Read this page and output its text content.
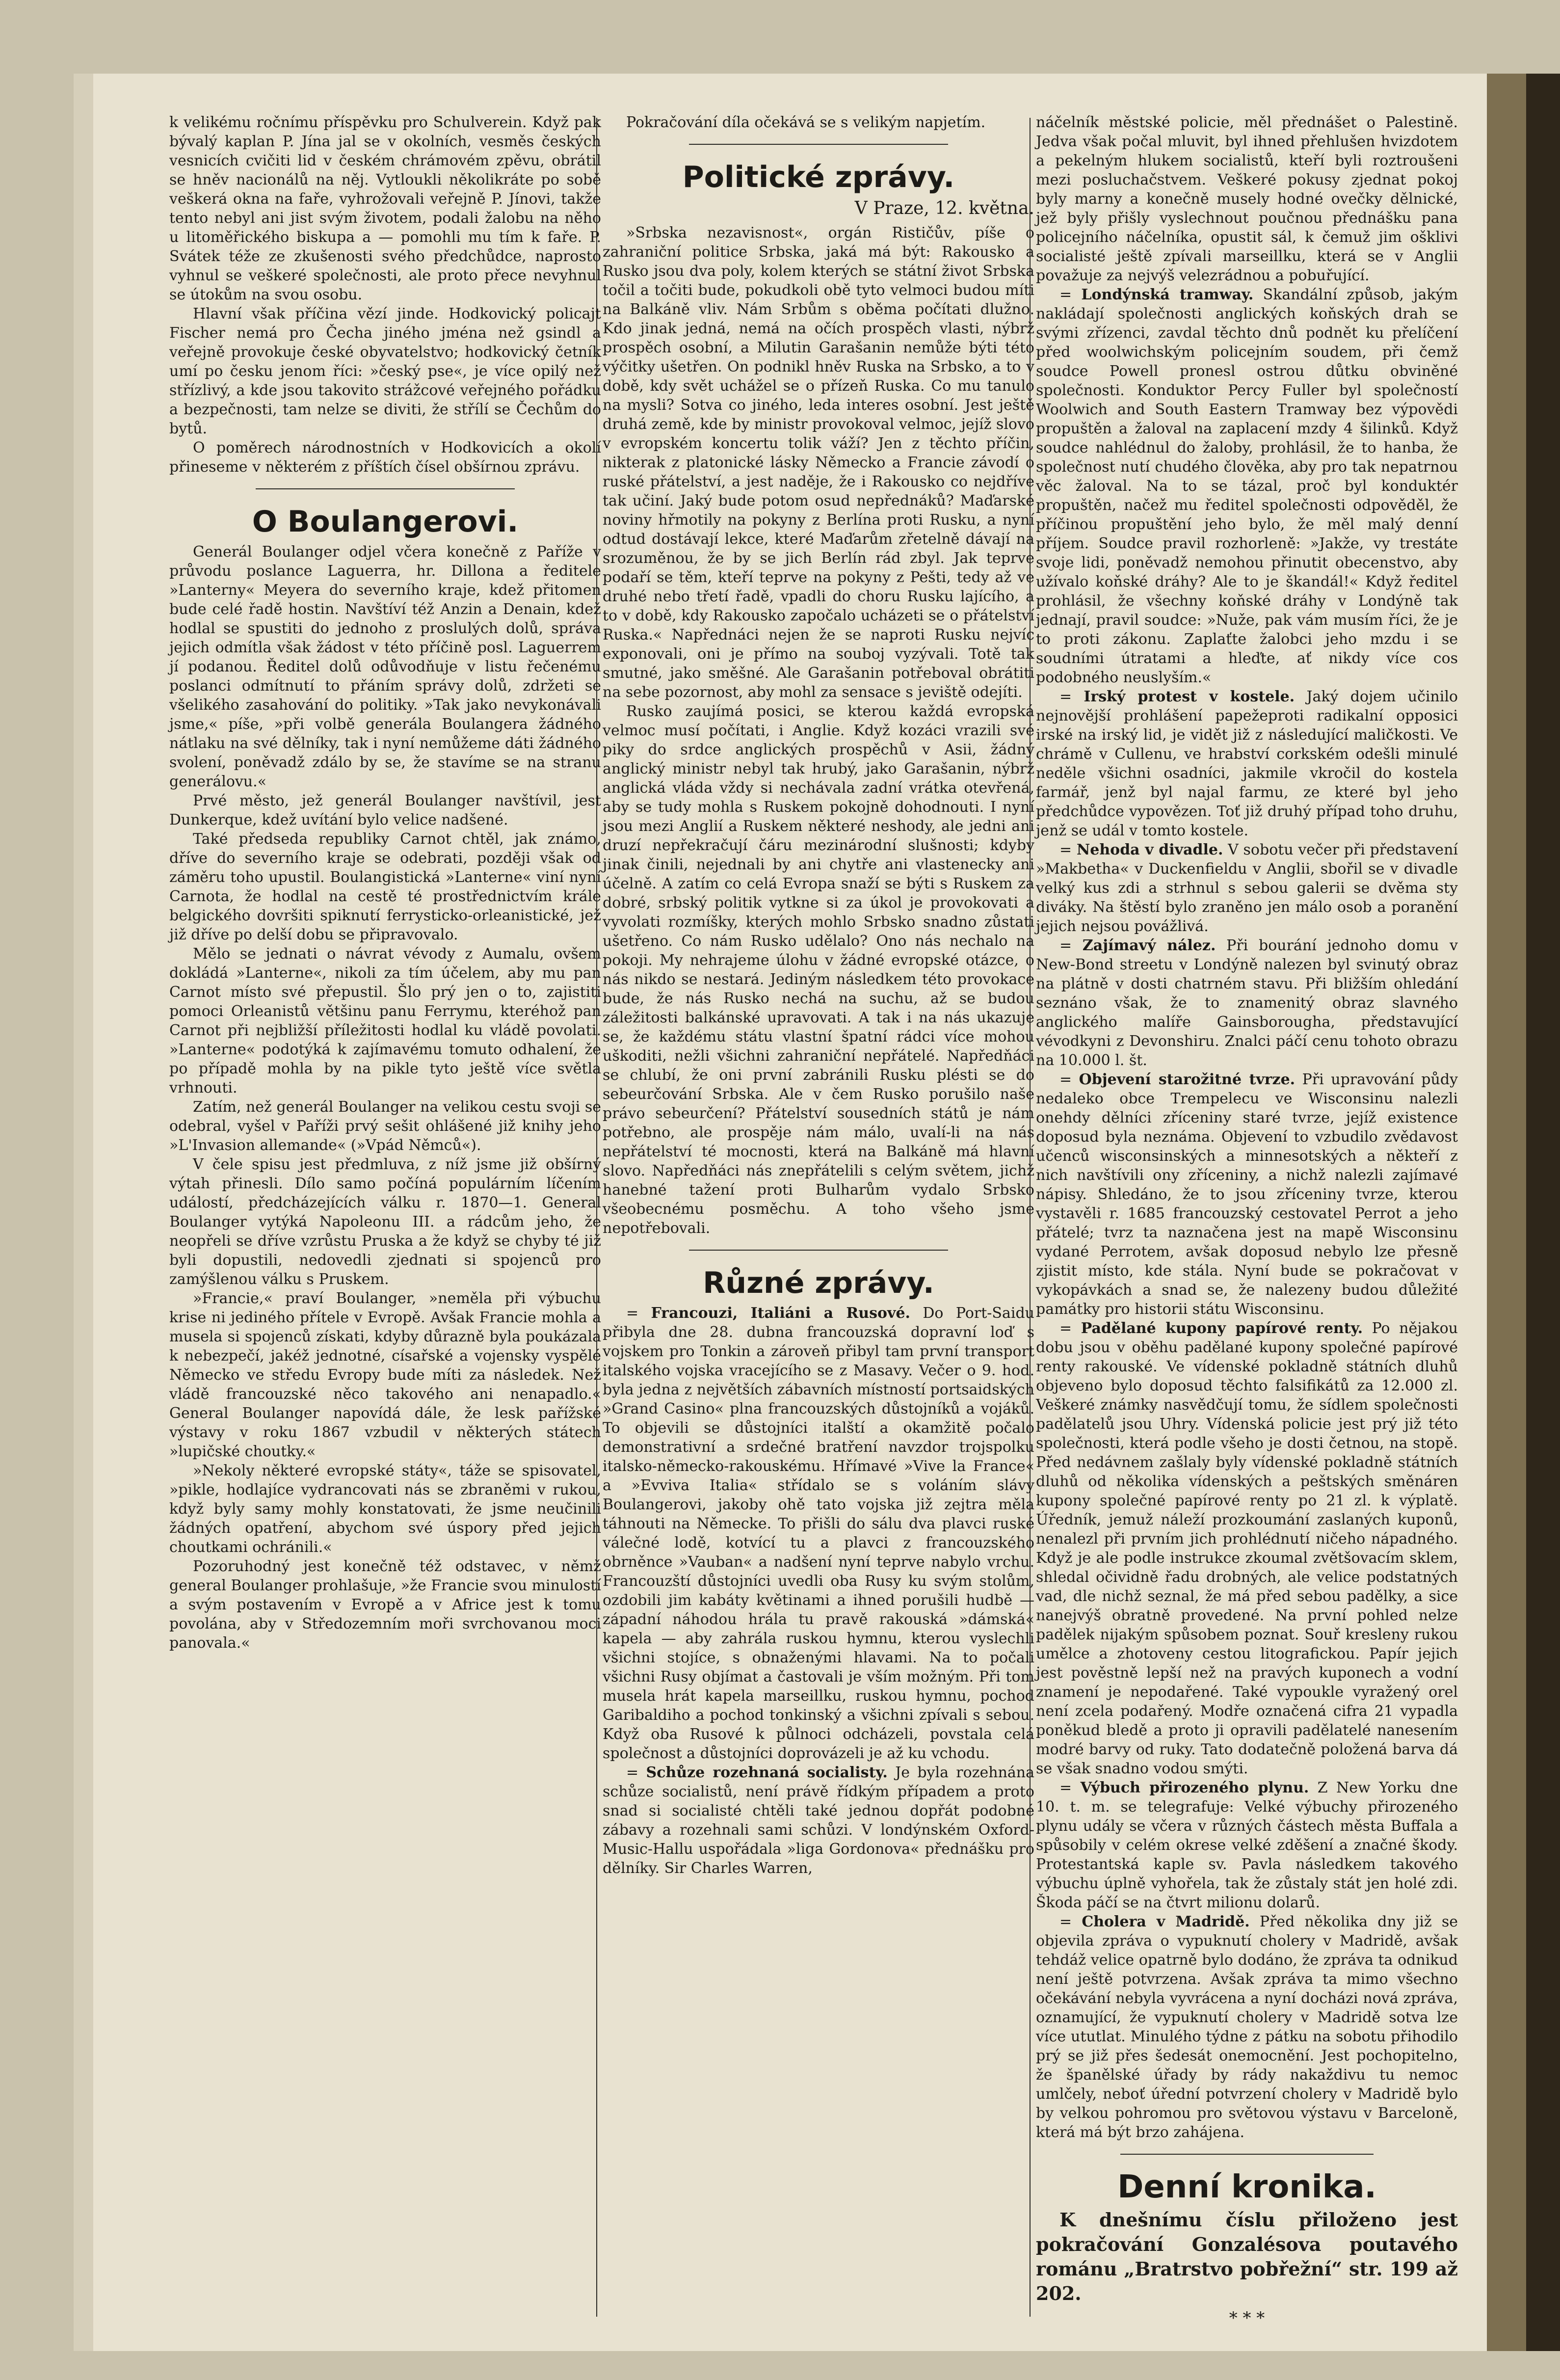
k velikému ročnímu příspěvku pro Schulverein. Když pak bývalý kaplan P. Jína jal se v okolních, vesměs českých vesnicích cvičiti lid v českém chrámovém zpěvu, obrátil se hněv nacionálů na něj. Vytloukli několikráte po sobě veškerá okna na faře, vyhrožovali veřejně P. Jínovi, takže tento nebyl ani jist svým životem, podali žalobu na něho u litoměřického biskupa a — pomohli mu tím k faře. P. Svátek téže ze zkušenosti svého předchůdce, naprosto vyhnul se veškeré společnosti, ale proto přece nevyhnul se útokům na svou osobu.

Hlavní však příčina vězí jinde. Hodkovický policajt Fischer nemá pro Čecha jiného jména než gsindl a veřejně provokuje české obyvatelstvo; hodkovický četník umí po česku jenom říci: »český pse«, je více opilý než střízlivý, a kde jsou takovito strážcové veřejného pořádku a bezpečnosti, tam nelze se diviti, že střílí se Čechům do bytů.

O poměrech národnostních v Hodkovicích a okolí přineseme v některém z příštích čísel obšírnou zprávu.

O Boulangerovi.

Generál Boulanger odjel včera konečně z Paříže v průvodu poslance Laguerra, hr. Dillona a ředitele »Lanterny« Meyera do severního kraje, kdež přitomen bude celé řadě hostin. Navštíví též Anzin a Denain, kdež hodlal se spustiti do jednoho z proslulých dolů, správa jejich odmítla však žádost v této příčině posl. Laguerrem jí podanou. Ředitel dolů odůvodňuje v listu řečenému poslanci odmítnutí to přáním správy dolů, zdržeti se všelikého zasahování do politiky. »Tak jako nevykonávali jsme,« píše, »při volbě generála Boulangera žádného nátlaku na své dělníky, tak i nyní nemůžeme dáti žádného svolení, poněvadž zdálo by se, že stavíme se na stranu generálovu.«

Prvé město, jež generál Boulanger navštívil, jest Dunkerque, kdež uvítání bylo velice nadšené.

Také předseda republiky Carnot chtěl, jak známo, dříve do severního kraje se odebrati, později však od záměru toho upustil. Boulangistická »Lanterne« viní nyní Carnota, že hodlal na cestě té prostřednictvím krále belgického dovršiti spiknutí ferrysticko-orleanistické, jež již dříve po delší dobu se připravovalo.

Mělo se jednati o návrat vévody z Aumalu, ovšem dokládá »Lanterne«, nikoli za tím účelem, aby mu pan Carnot místo své přepustil. Šlo prý jen o to, zajistiti pomoci Orleanistů většinu panu Ferrymu, kteréhož pan Carnot při nejbližší příležitosti hodlal ku vládě povolati. »Lanterne« podotýká k zajímavému tomuto odhalení, že po případě mohla by na pikle tyto ještě více světla vrhnouti.

Zatím, než generál Boulanger na velikou cestu svoji se odebral, vyšel v Paříži prvý sešit ohlášené již knihy jeho »L'Invasion allemande« (»Vpád Němců«).

V čele spisu jest předmluva, z níž jsme již obšírný výtah přinesli. Dílo samo počíná populárním líčením událostí, předcházejících válku r. 1870—1. General Boulanger vytýká Napoleonu III. a rádcům jeho, že neopřeli se dříve vzrůstu Pruska a že když se chyby té již byli dopustili, nedovedli zjednati si spojenců pro zamýšlenou válku s Pruskem.

»Francie,« praví Boulanger, »neměla při výbuchu krise ni jediného přítele v Evropě. Avšak Francie mohla a musela si spojenců získati, kdyby důrazně byla poukázala k nebezpečí, jakéž jednotné, císařské a vojensky vyspělé Německo ve středu Evropy bude míti za následek. Než vládě francouzské něco takového ani nenapadlo.« General Boulanger napovídá dále, že lesk pařížské výstavy v roku 1867 vzbudil v některých státech »lupičské choutky.«

»Nekoly některé evropské státy«, táže se spisovatel, »pikle, hodlajíce vydrancovati nás se zbraněmi v rukou, když byly samy mohly konstatovati, že jsme neučinili žádných opatření, abychom své úspory před jejich choutkami ochránili.«

Pozoruhodný jest konečně též odstavec, v němž general Boulanger prohlašuje, »že Francie svou minulostí a svým postavením v Evropě a v Africe jest k tomu povolána, aby v Středozemním moři svrchovanou moci panovala.«

Pokračování díla očekává se s velikým napjetím.

Politické zprávy.
V Praze, 12. května.

»Srbska nezavisnost«, orgán Rističův, píše o zahraniční politice Srbska, jaká má být: Rakousko a Rusko jsou dva poly, kolem kterých se státní život Srbska točil a točiti bude, pokudkoli obě tyto velmoci budou míti na Balkáně vliv. Nám Srbům s oběma počítati dlužno. Kdo jinak jedná, nemá na očích prospěch vlasti, nýbrž prospěch osobní, a Milutin Garašanin nemůže býti této výčitky ušetřen. On podnikl hněv Ruska na Srbsko, a to v době, kdy svět uchážel se o přízeň Ruska. Co mu tanulo na mysli? Sotva co jiného, leda interes osobní. Jest ještě druhá země, kde by ministr provokoval velmoc, jejíž slovo v evropském koncertu tolik váží? Jen z těchto příčin, nikterak z platonické lásky Německo a Francie závodí o ruské přátelství, a jest naděje, že i Rakousko co nejdříve tak učiní. Jaký bude potom osud nepřednáků? Maďarské noviny hřmotily na pokyny z Berlína proti Rusku, a nyní odtud dostávají lekce, které Maďarům zřetelně dávají na srozuměnou, že by se jich Berlín rád zbyl. Jak teprve podaří se těm, kteří teprve na pokyny z Pešti, tedy až ve druhé nebo třetí řadě, vpadli do choru Rusku lajícího, a to v době, kdy Rakousko započalo ucházeti se o přátelství Ruska.« Napřednáci nejen že se naproti Rusku nejvíc exponovali, oni je přímo na souboj vyzývali. Totě tak smutné, jako směšné. Ale Garašanin potřeboval obrátiti na sebe pozornost, aby mohl za sensace s jeviště odejíti.

Rusko zaujímá posici, se kterou každá evropská velmoc musí počítati, i Anglie. Když kozáci vrazili své piky do srdce anglických prospěchů v Asii, žádný anglický ministr nebyl tak hrubý, jako Garašanin, nýbrž anglická vláda vždy si nechávala zadní vrátka otevřená, aby se tudy mohla s Ruskem pokojně dohodnouti. I nyní jsou mezi Anglií a Ruskem některé neshody, ale jedni ani druzí nepřekračují čáru mezinárodní slušnosti; kdyby jinak činili, nejednali by ani chytře ani vlastenecky ani účelně. A zatím co celá Evropa snaží se býti s Ruskem za dobré, srbský politik vytkne si za úkol je provokovati a vyvolati rozmíšky, kterých mohlo Srbsko snadno zůstati ušetřeno. Co nám Rusko udělalo? Ono nás nechalo na pokoji. My nehrajeme úlohu v žádné evropské otázce, o nás nikdo se nestará. Jediným následkem této provokace bude, že nás Rusko nechá na suchu, až se budou záležitosti balkánské upravovati. A tak i na nás ukazuje se, že každému státu vlastní špatní rádci více mohou uškoditi, nežli všichni zahraniční nepřátelé. Napředňáci se chlubí, že oni první zabránili Rusku plésti se do sebeurčování Srbska. Ale v čem Rusko porušilo naše právo sebeurčení? Přátelství sousedních států je nám potřebno, ale prospěje nám málo, uvalí-li na nás nepřátelství té mocnosti, která na Balkáně má hlavní slovo. Napředňáci nás znepřátelili s celým světem, jichž hanebné tažení proti Bulharům vydalo Srbsko všeobecnému posměchu. A toho všeho jsme nepotřebovali.

Různé zprávy.

= Francouzi, Italiáni a Rusové. Do Port-Saidu přibyla dne 28. dubna francouzská dopravní loď s vojskem pro Tonkin a zároveň přibyl tam první transport italského vojska vracejícího se z Masavy. Večer o 9. hod. byla jedna z největších zábavních místností portsaidských »Grand Casino« plna francouzských důstojníků a vojáků. To objevili se důstojníci italští a okamžitě počalo demonstrativní a srdečné bratření navzdor trojspolku italsko-německo-rakouskému. Hřímavé »Vive la France« a »Evviva Italia« střídalo se s voláním slávy Boulangerovi, jakoby ohě tato vojska již zejtra měla táhnouti na Německe. To přišli do sálu dva plavci ruské válečné lodě, kotvící tu a plavci z francouzského obrněnce »Vauban« a nadšení nyní teprve nabylo vrchu. Francouzští důstojníci uvedli oba Rusy ku svým stolům, ozdobili jim kabáty květinami a ihned porušili hudbě — západní náhodou hrála tu pravě rakouská »dámská« kapela — aby zahrála ruskou hymnu, kterou vyslechli všichni stojíce, s obnaženými hlavami. Na to počali všichni Rusy objímat a častovali je vším možným. Při tom musela hrát kapela marseillku, ruskou hymnu, pochod Garibaldiho a pochod tonkinský a všichni zpívali s sebou. Když oba Rusové k půlnoci odcházeli, povstala celá společnost a důstojníci doprovázeli je až ku vchodu.

= Schůze rozehnaná socialisty. Je byla rozehnána schůze socialistů, není právě řídkým případem a proto snad si socialisté chtěli také jednou dopřát podobné zábavy a rozehnali sami schůzi. V londýnském Oxford-Music-Hallu uspořádala »liga Gordonova« přednášku pro dělníky. Sir Charles Warren,

náčelník městské policie, měl přednášet o Palestině. Jedva však počal mluvit, byl ihned přehlušen hvizdotem a pekelným hlukem socialistů, kteří byli roztroušeni mezi posluchačstvem. Veškeré pokusy zjednat pokoj byly marny a konečně musely hodné ovečky dělnické, jež byly přišly vyslechnout poučnou přednášku pana policejního náčelníka, opustit sál, k čemuž jim ošklivi socialisté ještě zpívali marseillku, která se v Anglii považuje za nejvýš velezrádnou a pobuřující.

= Londýnská tramway. Skandální způsob, jakým nakládají společnosti anglických koňských drah se svými zřízenci, zavdal těchto dnů podnět ku přelíčení před woolwichským policejním soudem, při čemž soudce Powell pronesl ostrou důtku obviněné společnosti. Konduktor Percy Fuller byl společností Woolwich and South Eastern Tramway bez výpovědi propuštěn a žaloval na zaplacení mzdy 4 šilinků. Když soudce nahlédnul do žaloby, prohlásil, že to hanba, že společnost nutí chudého člověka, aby pro tak nepatrnou věc žaloval. Na to se tázal, proč byl konduktér propuštěn, načež mu ředitel společnosti odpověděl, že příčinou propuštění jeho bylo, že měl malý denní příjem. Soudce pravil rozhorleně: »Jakže, vy trestáte svoje lidi, poněvadž nemohou přinutit obecenstvo, aby užívalo koňské dráhy? Ale to je škandál!« Když ředitel prohlásil, že všechny koňské dráhy v Londýně tak jednají, pravil soudce: »Nuže, pak vám musím říci, že je to proti zákonu. Zaplaťte žalobci jeho mzdu i se soudními útratami a hleďte, ať nikdy více cos podobného neuslyším.«

= Irský protest v kostele. Jaký dojem učinilo nejnovější prohlášení papežeproti radikalní opposici irské na irský lid, je vidět již z následující maličkosti. Ve chrámě v Cullenu, ve hrabství corkském odešli minulé neděle všichni osadníci, jakmile vkročil do kostela farmář, jenž byl najal farmu, ze které byl jeho předchůdce vypovězen. Toť již druhý případ toho druhu, jenž se udál v tomto kostele.

= Nehoda v divadle. V sobotu večer při představení »Makbetha« v Duckenfieldu v Anglii, sbořil se v divadle velký kus zdi a strhnul s sebou galerii se dvěma sty diváky. Na štěstí bylo zraněno jen málo osob a poranění jejich nejsou povážlivá.

= Zajímavý nález. Při bourání jednoho domu v New-Bond streetu v Londýně nalezen byl svinutý obraz na plátně v dosti chatrném stavu. Při bližším ohledání seznáno však, že to znamenitý obraz slavného anglického malíře Gainsborougha, představující vévodkyni z Devonshiru. Znalci páčí cenu tohoto obrazu na 10.000 l. št.

= Objevení starožitné tvrze. Při upravování půdy nedaleko obce Trempelecu ve Wisconsinu nalezli onehdy dělníci zříceniny staré tvrze, jejíž existence doposud byla neznáma. Objevení to vzbudilo zvědavost učenců wisconsinských a minnesotských a někteří z nich navštívili ony zříceniny, a nichž nalezli zajímavé nápisy. Shledáno, že to jsou zříceniny tvrze, kterou vystavěli r. 1685 francouzský cestovatel Perrot a jeho přátelé; tvrz ta naznačena jest na mapě Wisconsinu vydané Perrotem, avšak doposud nebylo lze přesně zjistit místo, kde stála. Nyní bude se pokračovat v vykopávkách a snad se, že nalezeny budou důležité památky pro historii státu Wisconsinu.

= Padělané kupony papírové renty. Po nějakou dobu jsou v oběhu padělané kupony společné papírové renty rakouské. Ve vídenské pokladně státních dluhů objeveno bylo doposud těchto falsifikátů za 12.000 zl. Veškeré známky nasvědčují tomu, že sídlem společnosti padělatelů jsou Uhry. Vídenská policie jest prý již této společnosti, která podle všeho je dosti četnou, na stopě. Před nedávnem zašlaly byly vídenské pokladně státních dluhů od několika vídenských a peštských směnáren kupony společné papírové renty po 21 zl. k výplatě. Úředník, jemuž náleží prozkoumání zaslaných kuponů, nenalezl při prvním jich prohlédnutí ničeho nápadného. Když je ale podle instrukce zkoumal zvětšovacím sklem, shledal očividně řadu drobných, ale velice podstatných vad, dle nichž seznal, že má před sebou padělky, a sice nanejvýš obratně provedené. Na první pohled nelze padělek nijakým spůsobem poznat. Souř kresleny rukou umělce a zhotoveny cestou litografickou. Papír jejich jest pověstně lepší než na pravých kuponech a vodní znamení je nepodařené. Také vypoukle vyražený orel není zcela podařený. Modře označená cifra 21 vypadla poněkud bledě a proto ji opravili padělatelé nanesením modré barvy od ruky. Tato dodatečně položená barva dá se však snadno vodou smýti.

= Výbuch přirozeného plynu. Z New Yorku dne 10. t. m. se telegrafuje: Velké výbuchy přirozeného plynu udály se včera v různých částech města Buffala a spůsobily v celém okrese velké zděšení a značné škody. Protestantská kaple sv. Pavla následkem takového výbuchu úplně vyhořela, tak že zůstaly stát jen holé zdi. Škoda páčí se na čtvrt milionu dolarů.

= Cholera v Madridě. Před několika dny již se objevila zpráva o vypuknutí cholery v Madridě, avšak tehdáž velice opatrně bylo dodáno, že zpráva ta odnikud není ještě potvrzena. Avšak zpráva ta mimo všechno očekávání nebyla vyvrácena a nyní docházi nová zpráva, oznamující, že vypuknutí cholery v Madridě sotva lze více ututlat. Minulého týdne z pátku na sobotu přihodilo prý se již přes šedesát onemocnění. Jest pochopitelno, že španělské úřady by rády nakaždivu tu nemoc umlčely, neboť úřední potvrzení cholery v Madridě bylo by velkou pohromou pro světovou výstavu v Barceloně, která má být brzo zahájena.

Denní kronika.

K dnešnímu číslu přiloženo jest pokračování Gonzalésova poutavého románu „Bratrstvo pobřežní“ str. 199 až 202.

* * *
